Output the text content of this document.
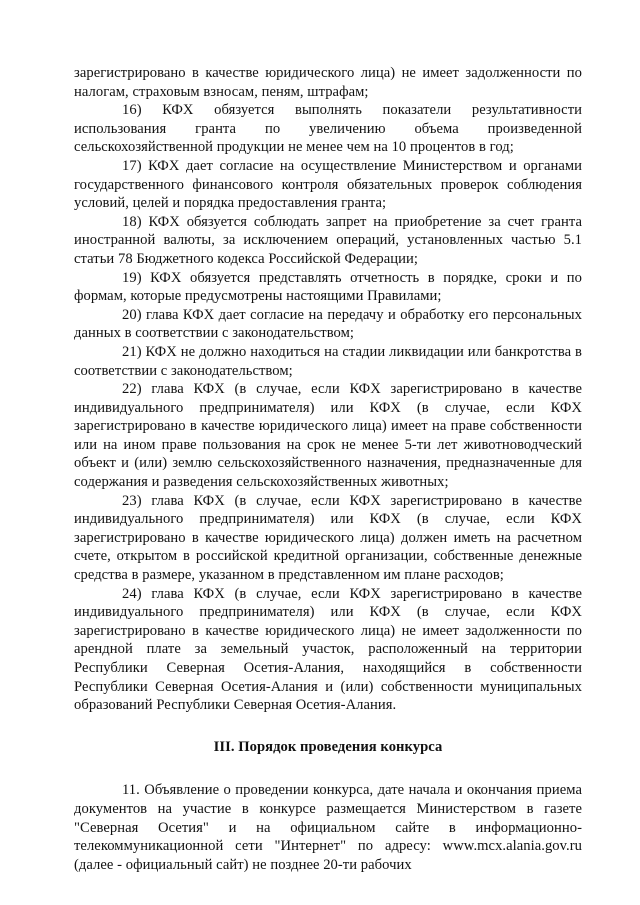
зарегистрировано в качестве юридического лица) не имеет задолженности по налогам, страховым взносам, пеням, штрафам;

16) КФХ обязуется выполнять показатели результативности использования гранта по увеличению объема произведенной сельскохозяйственной продукции не менее чем на 10 процентов в год;

17) КФХ дает согласие на осуществление Министерством и органами государственного финансового контроля обязательных проверок соблюдения условий, целей и порядка предоставления гранта;

18) КФХ обязуется соблюдать запрет на приобретение за счет гранта иностранной валюты, за исключением операций, установленных частью 5.1 статьи 78 Бюджетного кодекса Российской Федерации;

19) КФХ обязуется представлять отчетность в порядке, сроки и по формам, которые предусмотрены настоящими Правилами;

20) глава КФХ дает согласие на передачу и обработку его персональных данных в соответствии с законодательством;

21) КФХ не должно находиться на стадии ликвидации или банкротства в соответствии с законодательством;

22) глава КФХ (в случае, если КФХ зарегистрировано в качестве индивидуального предпринимателя) или КФХ (в случае, если КФХ зарегистрировано в качестве юридического лица) имеет на праве собственности или на ином праве пользования на срок не менее 5-ти лет животноводческий объект и (или) землю сельскохозяйственного назначения, предназначенные для содержания и разведения сельскохозяйственных животных;

23) глава КФХ (в случае, если КФХ зарегистрировано в качестве индивидуального предпринимателя) или КФХ (в случае, если КФХ зарегистрировано в качестве юридического лица) должен иметь на расчетном счете, открытом в российской кредитной организации, собственные денежные средства в размере, указанном в представленном им плане расходов;

24) глава КФХ (в случае, если КФХ зарегистрировано в качестве индивидуального предпринимателя) или КФХ (в случае, если КФХ зарегистрировано в качестве юридического лица) не имеет задолженности по арендной плате за земельный участок, расположенный на территории Республики Северная Осетия-Алания, находящийся в собственности Республики Северная Осетия-Алания и (или) собственности муниципальных образований Республики Северная Осетия-Алания.

III. Порядок проведения конкурса

11. Объявление о проведении конкурса, дате начала и окончания приема документов на участие в конкурсе размещается Министерством в газете "Северная Осетия" и на официальном сайте в информационно-телекоммуникационной сети "Интернет" по адресу: www.mcx.alania.gov.ru (далее - официальный сайт) не позднее 20-ти рабочих
